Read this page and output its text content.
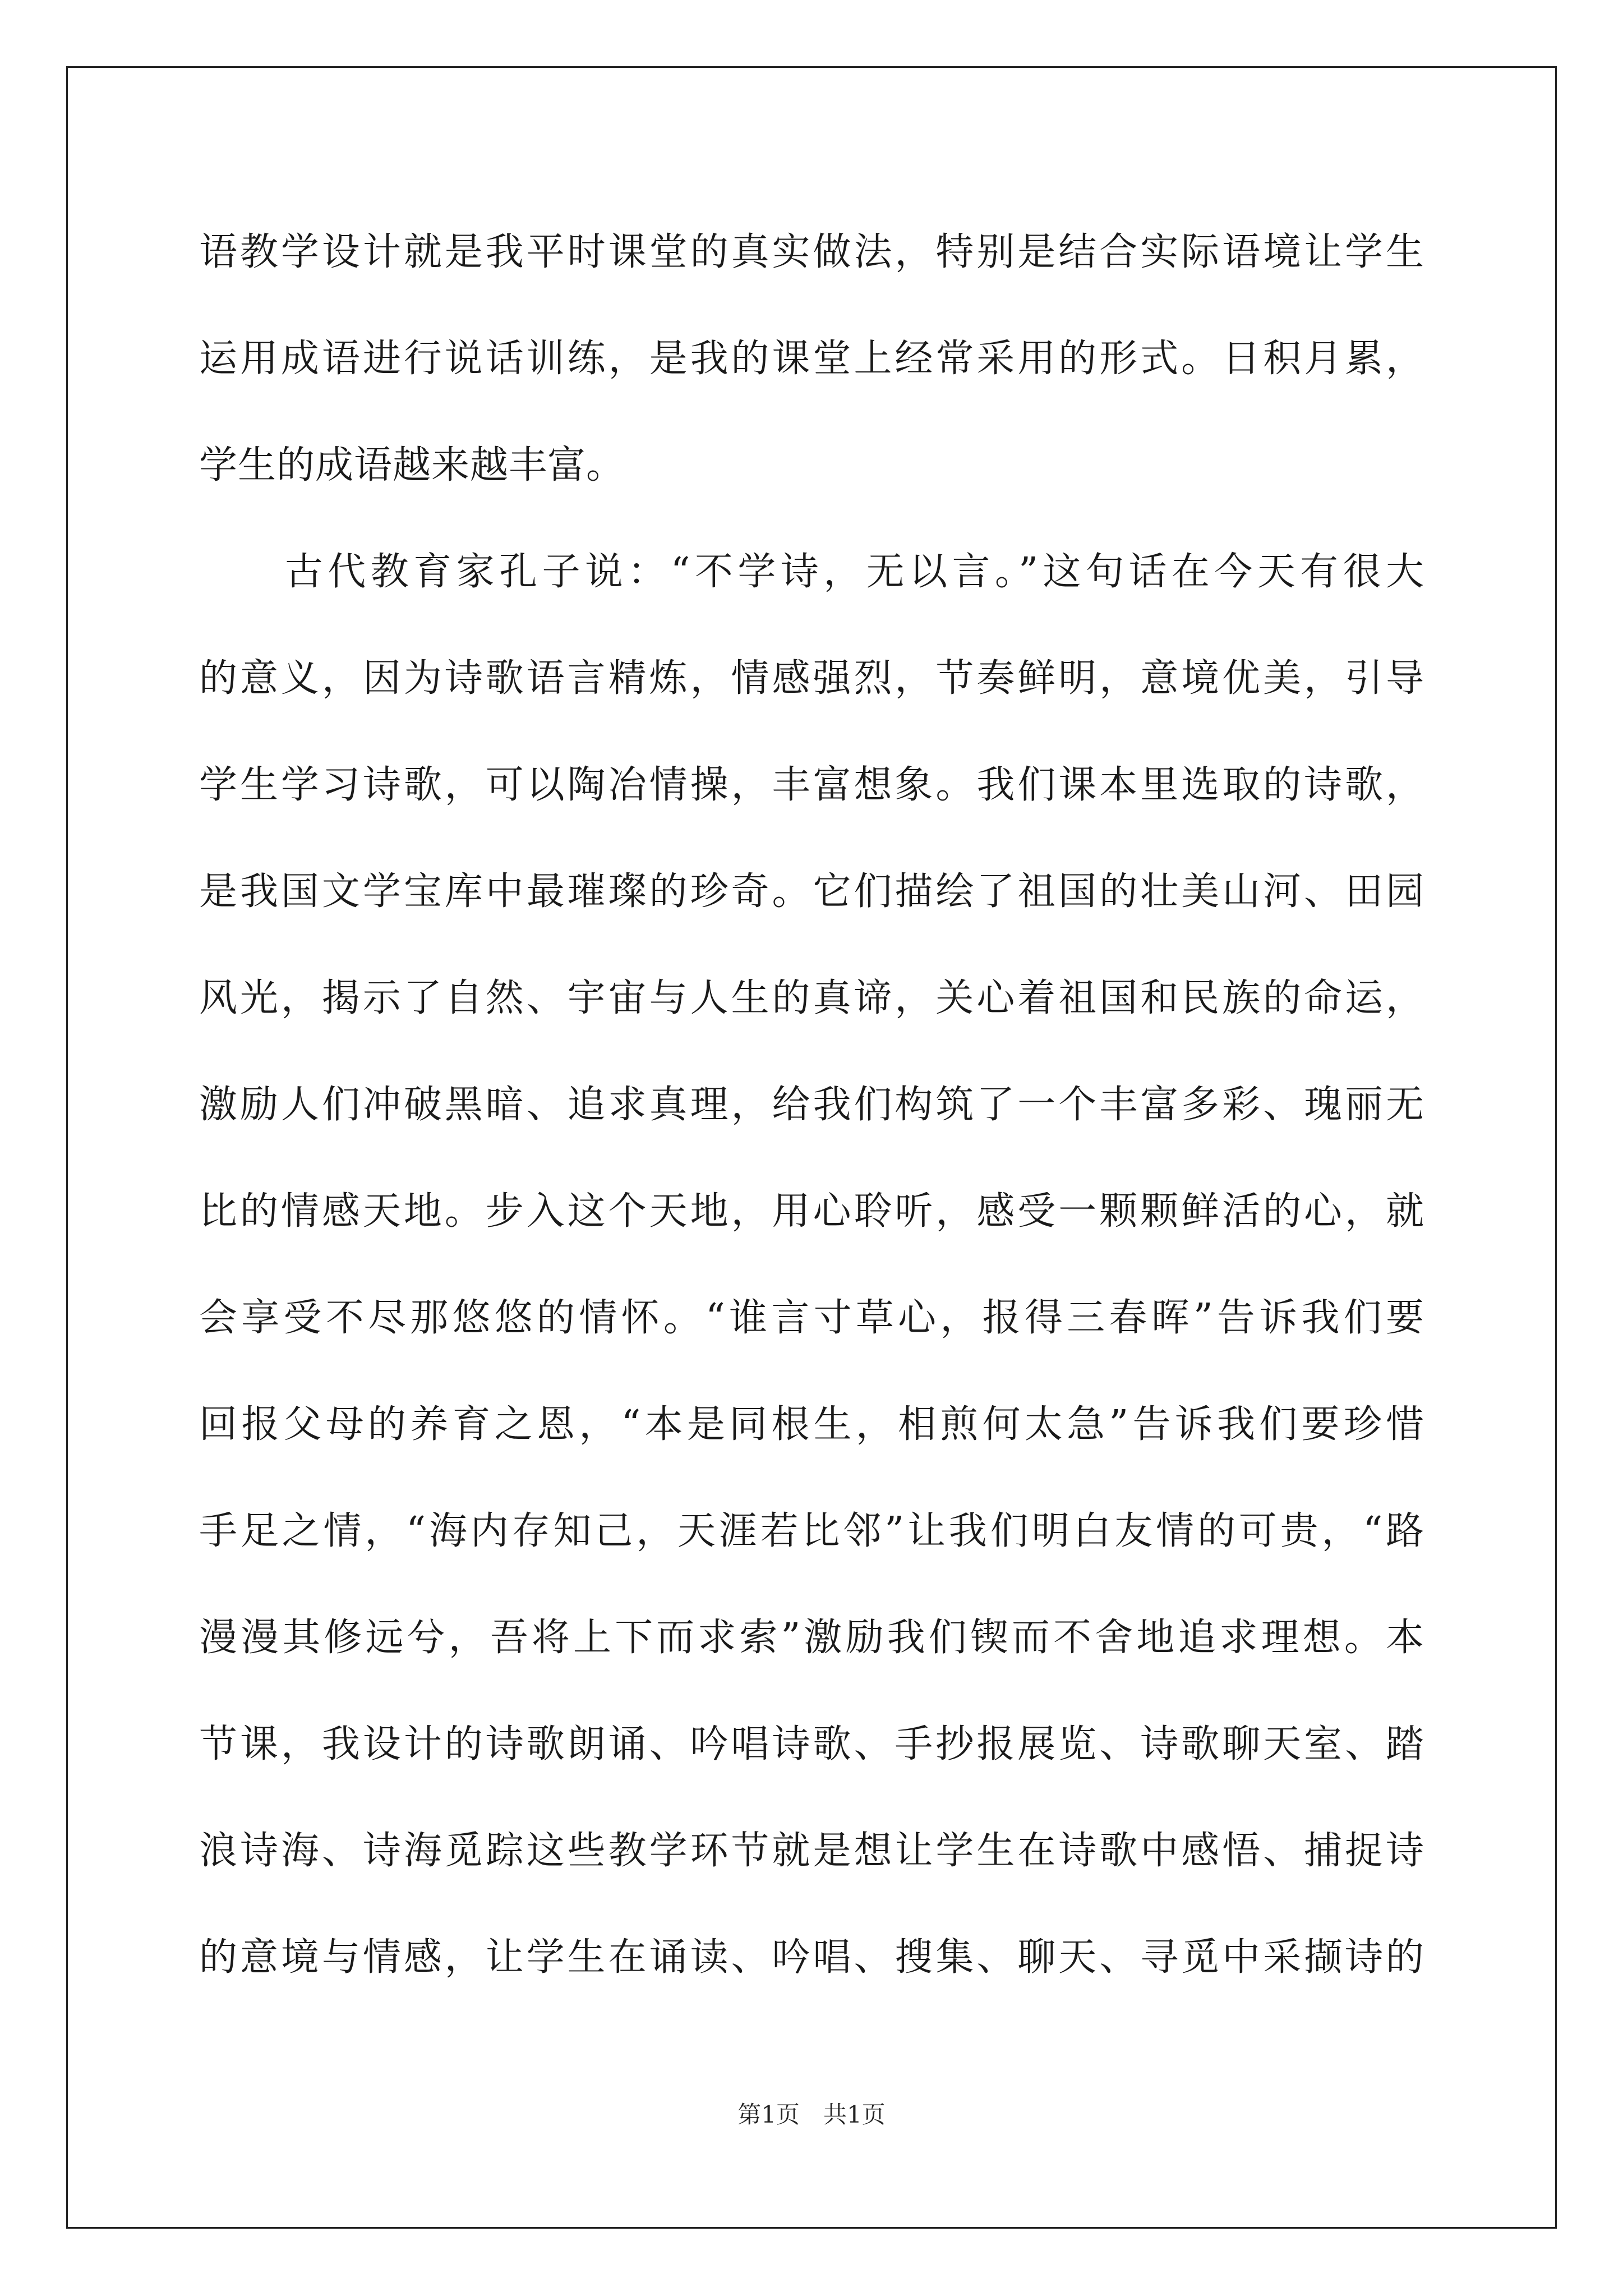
语教学设计就是我平时课堂的真实做法，特别是结合实际语境让学生
运用成语进行说话训练，是我的课堂上经常采用的形式。日积月累，
学生的成语越来越丰富。
　　古代教育家孔子说：“不学诗，无以言。”这句话在今天有很大
的意义，因为诗歌语言精炼，情感强烈，节奏鲜明，意境优美，引导
学生学习诗歌，可以陶冶情操，丰富想象。我们课本里选取的诗歌，
是我国文学宝库中最璀璨的珍奇。它们描绘了祖国的壮美山河、田园
风光，揭示了自然、宇宙与人生的真谛，关心着祖国和民族的命运，
激励人们冲破黑暗、追求真理，给我们构筑了一个丰富多彩、瑰丽无
比的情感天地。步入这个天地，用心聆听，感受一颗颗鲜活的心，就
会享受不尽那悠悠的情怀。“谁言寸草心，报得三春晖”告诉我们要
回报父母的养育之恩，“本是同根生，相煎何太急”告诉我们要珍惜
手足之情，“海内存知己，天涯若比邻”让我们明白友情的可贵，“路
漫漫其修远兮，吾将上下而求索”激励我们锲而不舍地追求理想。本
节课，我设计的诗歌朗诵、吟唱诗歌、手抄报展览、诗歌聊天室、踏
浪诗海、诗海觅踪这些教学环节就是想让学生在诗歌中感悟、捕捉诗
的意境与情感，让学生在诵读、吟唱、搜集、聊天、寻觅中采撷诗的
第1页　共1页
